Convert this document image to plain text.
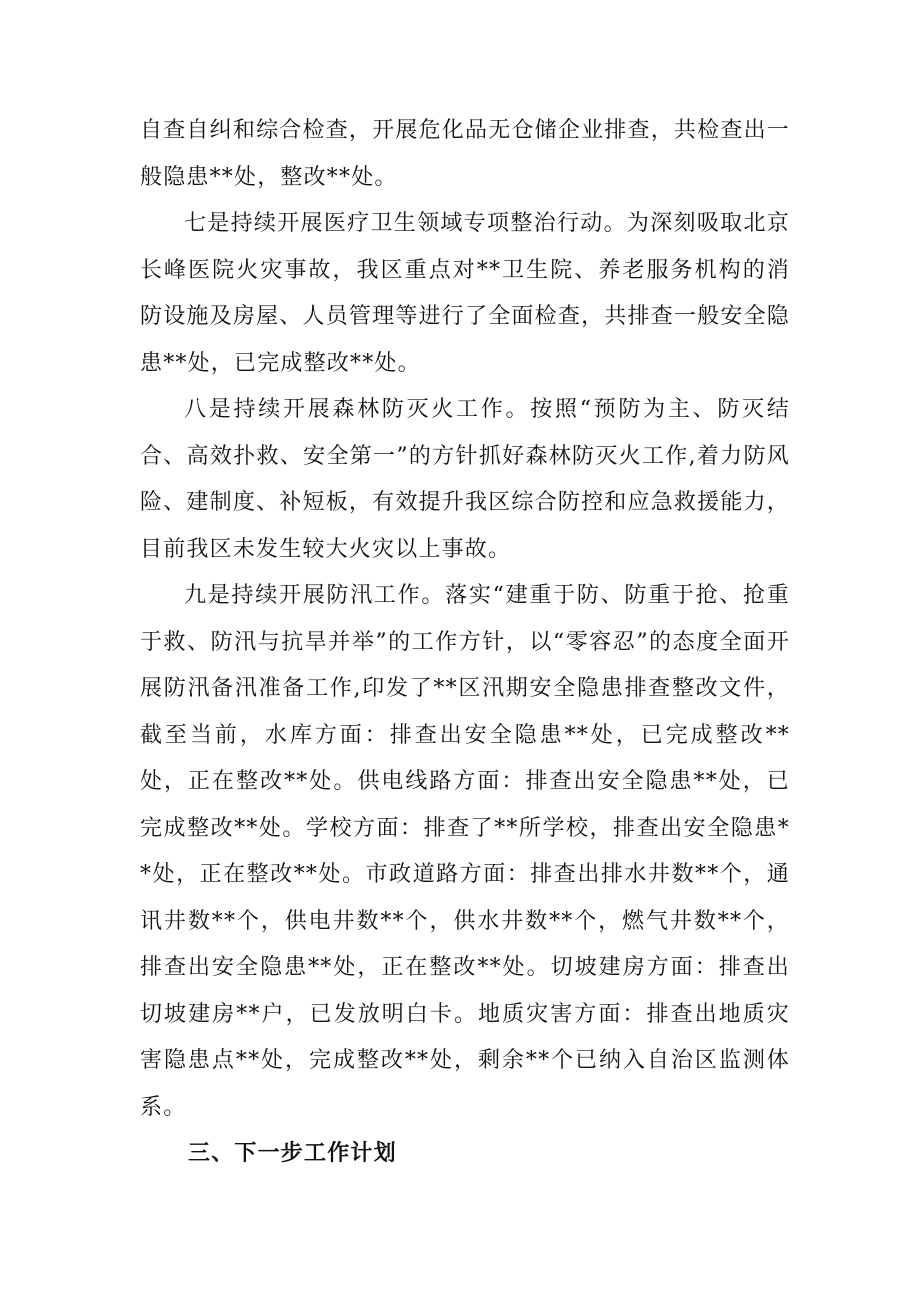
自查自纠和综合检查，开展危化品无仓储企业排查，共检查出一般隐患**处，整改**处。

七是持续开展医疗卫生领域专项整治行动。为深刻吸取北京长峰医院火灾事故，我区重点对**卫生院、养老服务机构的消防设施及房屋、人员管理等进行了全面检查，共排查一般安全隐患**处，已完成整改**处。

八是持续开展森林防灭火工作。按照“预防为主、防灭结合、高效扑救、安全第一”的方针抓好森林防灭火工作,着力防风险、建制度、补短板，有效提升我区综合防控和应急救援能力，目前我区未发生较大火灾以上事故。

九是持续开展防汛工作。落实“建重于防、防重于抢、抢重于救、防汛与抗旱并举”的工作方针，以“零容忍”的态度全面开展防汛备汛准备工作,印发了**区汛期安全隐患排查整改文件，截至当前，水库方面：排查出安全隐患**处，已完成整改**处，正在整改**处。供电线路方面：排查出安全隐患**处，已完成整改**处。学校方面：排查了**所学校，排查出安全隐患**处，正在整改**处。市政道路方面：排查出排水井数**个，通讯井数**个，供电井数**个，供水井数**个，燃气井数**个，排查出安全隐患**处，正在整改**处。切坡建房方面：排查出切坡建房**户，已发放明白卡。地质灾害方面：排查出地质灾害隐患点**处，完成整改**处，剩余**个已纳入自治区监测体系。

三、下一步工作计划
